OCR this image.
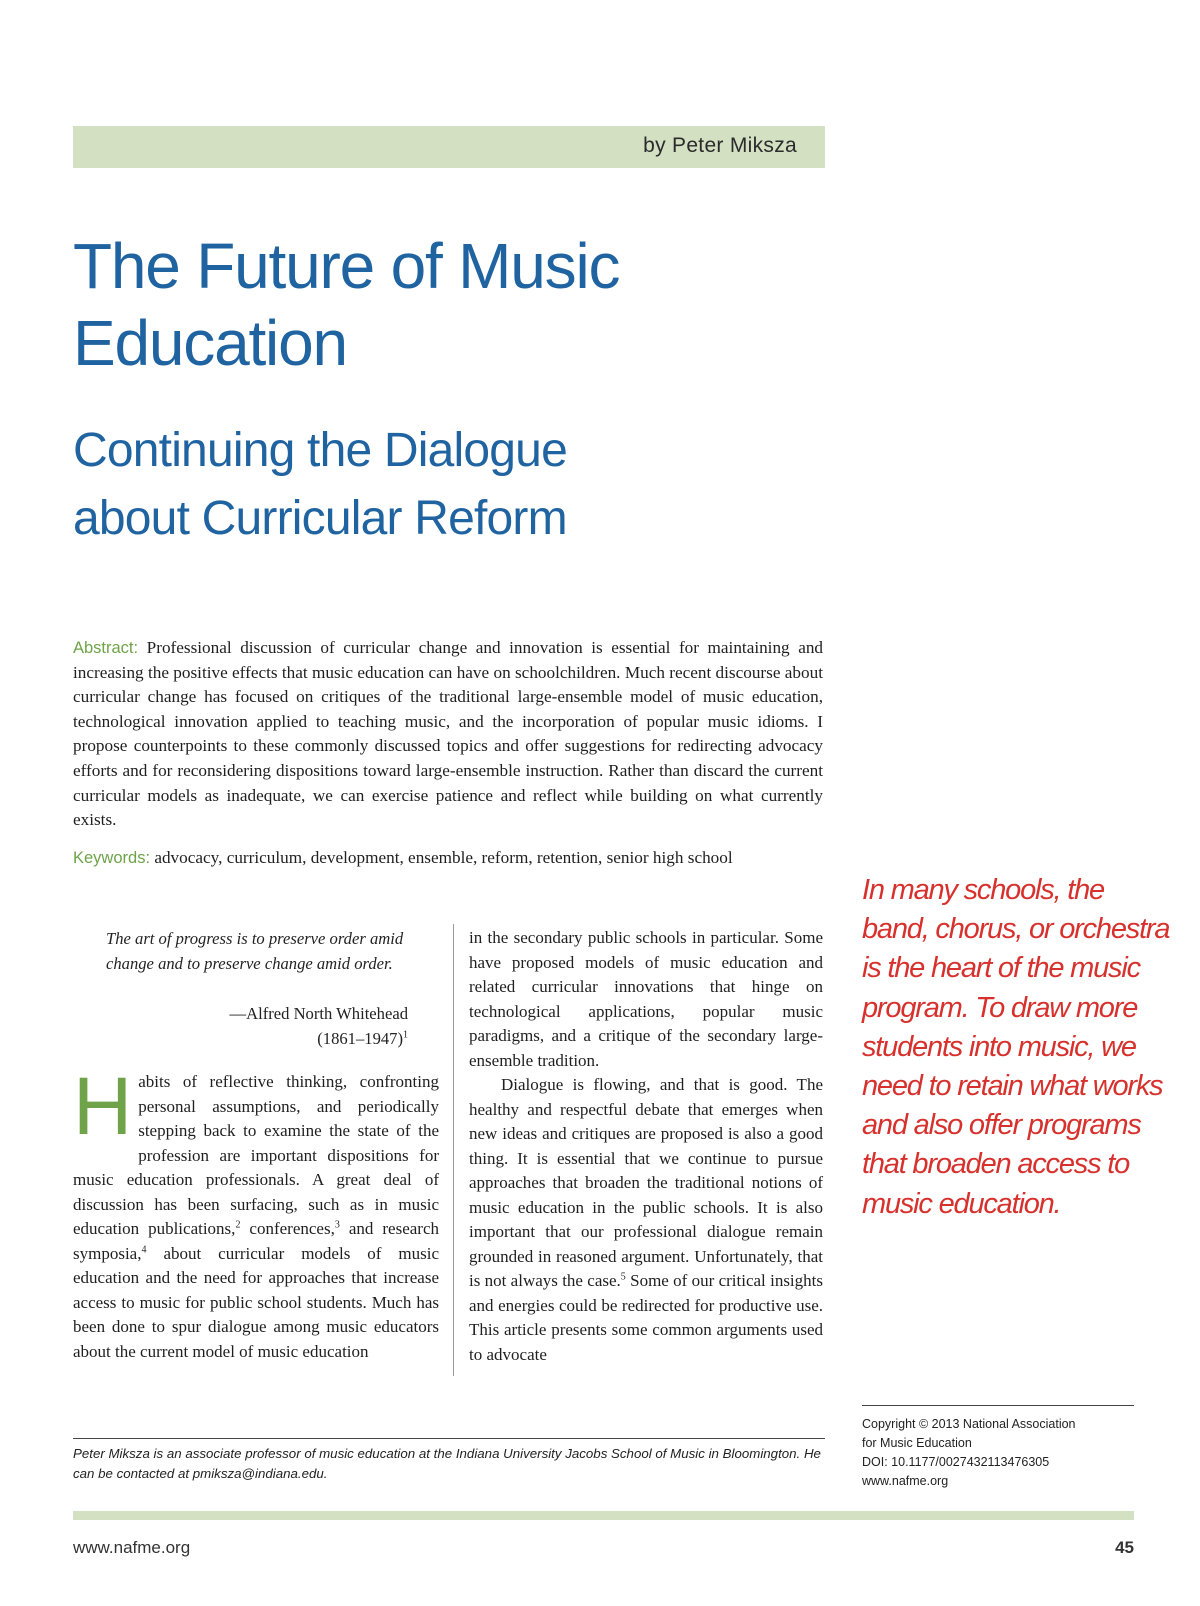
by Peter Miksza
The Future of Music
Education
Continuing the Dialogue
about Curricular Reform
Abstract: Professional discussion of curricular change and innovation is essential for maintaining and increasing the positive effects that music education can have on schoolchildren. Much recent discourse about curricular change has focused on critiques of the traditional large-ensemble model of music education, technological innovation applied to teaching music, and the incorporation of popular music idioms. I propose counterpoints to these commonly discussed topics and offer suggestions for redirecting advocacy efforts and for reconsidering dispositions toward large-ensemble instruction. Rather than discard the current curricular models as inadequate, we can exercise patience and reflect while building on what currently exists.
Keywords: advocacy, curriculum, development, ensemble, reform, retention, senior high school
The art of progress is to preserve order amid change and to preserve change amid order.
—Alfred North Whitehead
(1861–1947)$^1$
Habits of reflective thinking, confronting personal assumptions, and periodically stepping back to examine the state of the profession are important dispositions for music education professionals. A great deal of discussion has been surfacing, such as in music education publications,$^2$ conferences,$^3$ and research symposia,$^4$ about curricular models of music education and the need for approaches that increase access to music for public school students. Much has been done to spur dialogue among music educators about the current model of music education

in the secondary public schools in particular. Some have proposed models of music education and related curricular innovations that hinge on technological applications, popular music paradigms, and a critique of the secondary large-ensemble tradition.

Dialogue is flowing, and that is good. The healthy and respectful debate that emerges when new ideas and critiques are proposed is also a good thing. It is essential that we continue to pursue approaches that broaden the traditional notions of music education in the public schools. It is also important that our professional dialogue remain grounded in reasoned argument. Unfortunately, that is not always the case.$^5$ Some of our critical insights and energies could be redirected for productive use. This article presents some common arguments used to advocate

In many schools, the band, chorus, or orchestra is the heart of the music program. To draw more students into music, we need to retain what works and also offer programs that broaden access to music education.
Copyright © 2013 National Association
for Music Education
DOI: 10.1177/0027432113476305
www.nafme.org
Peter Miksza is an associate professor of music education at the Indiana University Jacobs School of Music in Bloomington. He can be contacted at pmiksza@indiana.edu.
www.nafme.org	45
